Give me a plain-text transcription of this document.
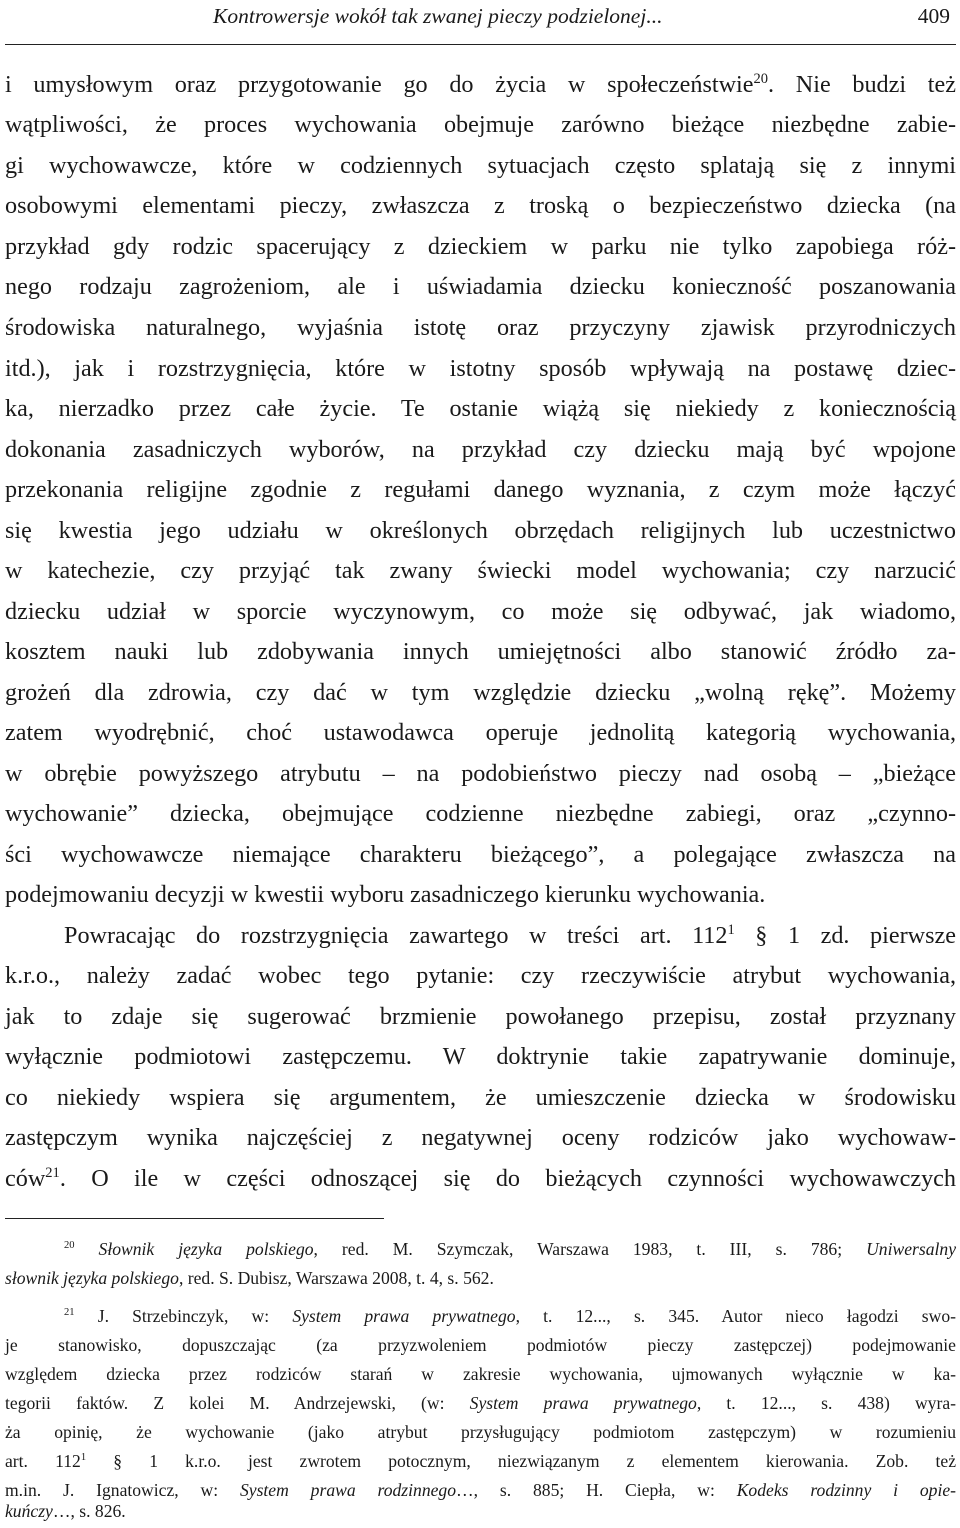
Kontrowersje wokół tak zwanej pieczy podzielonej...	409
i umysłowym oraz przygotowanie go do życia w społeczeństwie$^{20}$. Nie budzi też
wątpliwości, że proces wychowania obejmuje zarówno bieżące niezbędne zabie-
gi wychowawcze, które w codziennych sytuacjach często splatają się z innymi
osobowymi elementami pieczy, zwłaszcza z troską o bezpieczeństwo dziecka (na
przykład gdy rodzic spacerujący z dzieckiem w parku nie tylko zapobiega róż-
nego rodzaju zagrożeniom, ale i uświadamia dziecku konieczność poszanowania
środowiska naturalnego, wyjaśnia istotę oraz przyczyny zjawisk przyrodniczych
itd.), jak i rozstrzygnięcia, które w istotny sposób wpływają na postawę dziec-
ka, nierzadko przez całe życie. Te ostanie wiążą się niekiedy z koniecznością
dokonania zasadniczych wyborów, na przykład czy dziecku mają być wpojone
przekonania religijne zgodnie z regułami danego wyznania, z czym może łączyć
się kwestia jego udziału w określonych obrzędach religijnych lub uczestnictwo
w katechezie, czy przyjąć tak zwany świecki model wychowania; czy narzucić
dziecku udział w sporcie wyczynowym, co może się odbywać, jak wiadomo,
kosztem nauki lub zdobywania innych umiejętności albo stanowić źródło za-
grożeń dla zdrowia, czy dać w tym względzie dziecku „wolną rękę”. Możemy
zatem wyodrębnić, choć ustawodawca operuje jednolitą kategorią wychowania,
w obrębie powyższego atrybutu – na podobieństwo pieczy nad osobą – „bieżące
wychowanie” dziecka, obejmujące codzienne niezbędne zabiegi, oraz „czynno-
ści wychowawcze niemające charakteru bieżącego”, a polegające zwłaszcza na
podejmowaniu decyzji w kwestii wyboru zasadniczego kierunku wychowania.
Powracając do rozstrzygnięcia zawartego w treści art. $112^1$ § 1 zd. pierwsze
k.r.o., należy zadać wobec tego pytanie: czy rzeczywiście atrybut wychowania,
jak to zdaje się sugerować brzmienie powołanego przepisu, został przyznany
wyłącznie podmiotowi zastępczemu. W doktrynie takie zapatrywanie dominuje,
co niekiedy wspiera się argumentem, że umieszczenie dziecka w środowisku
zastępczym wynika najczęściej z negatywnej oceny rodziców jako wychowaw-
ców$^{21}$. O ile w części odnoszącej się do bieżących czynności wychowawczych
$^{20}$ Słownik języka polskiego, red. M. Szymczak, Warszawa 1983, t. III, s. 786; Uniwersalny
słownik języka polskiego, red. S. Dubisz, Warszawa 2008, t. 4, s. 562.
$^{21}$ J. Strzebinczyk, w: System prawa prywatnego, t. 12..., s. 345. Autor nieco łagodzi swo-
je stanowisko, dopuszczając (za przyzwoleniem podmiotów pieczy zastępczej) podejmowanie
względem dziecka przez rodziców starań w zakresie wychowania, ujmowanych wyłącznie w ka-
tegorii faktów. Z kolei M. Andrzejewski, (w: System prawa prywatnego, t. 12..., s. 438) wyra-
ża opinię, że wychowanie (jako atrybut przysługujący podmiotom zastępczym) w rozumieniu
art. $112^1$ § 1 k.r.o. jest zwrotem potocznym, niezwiązanym z elementem kierowania. Zob. też
m.in. J. Ignatowicz, w: System prawa rodzinnego…, s. 885; H. Ciepła, w: Kodeks rodzinny i opie-
kuńczy…, s. 826.
